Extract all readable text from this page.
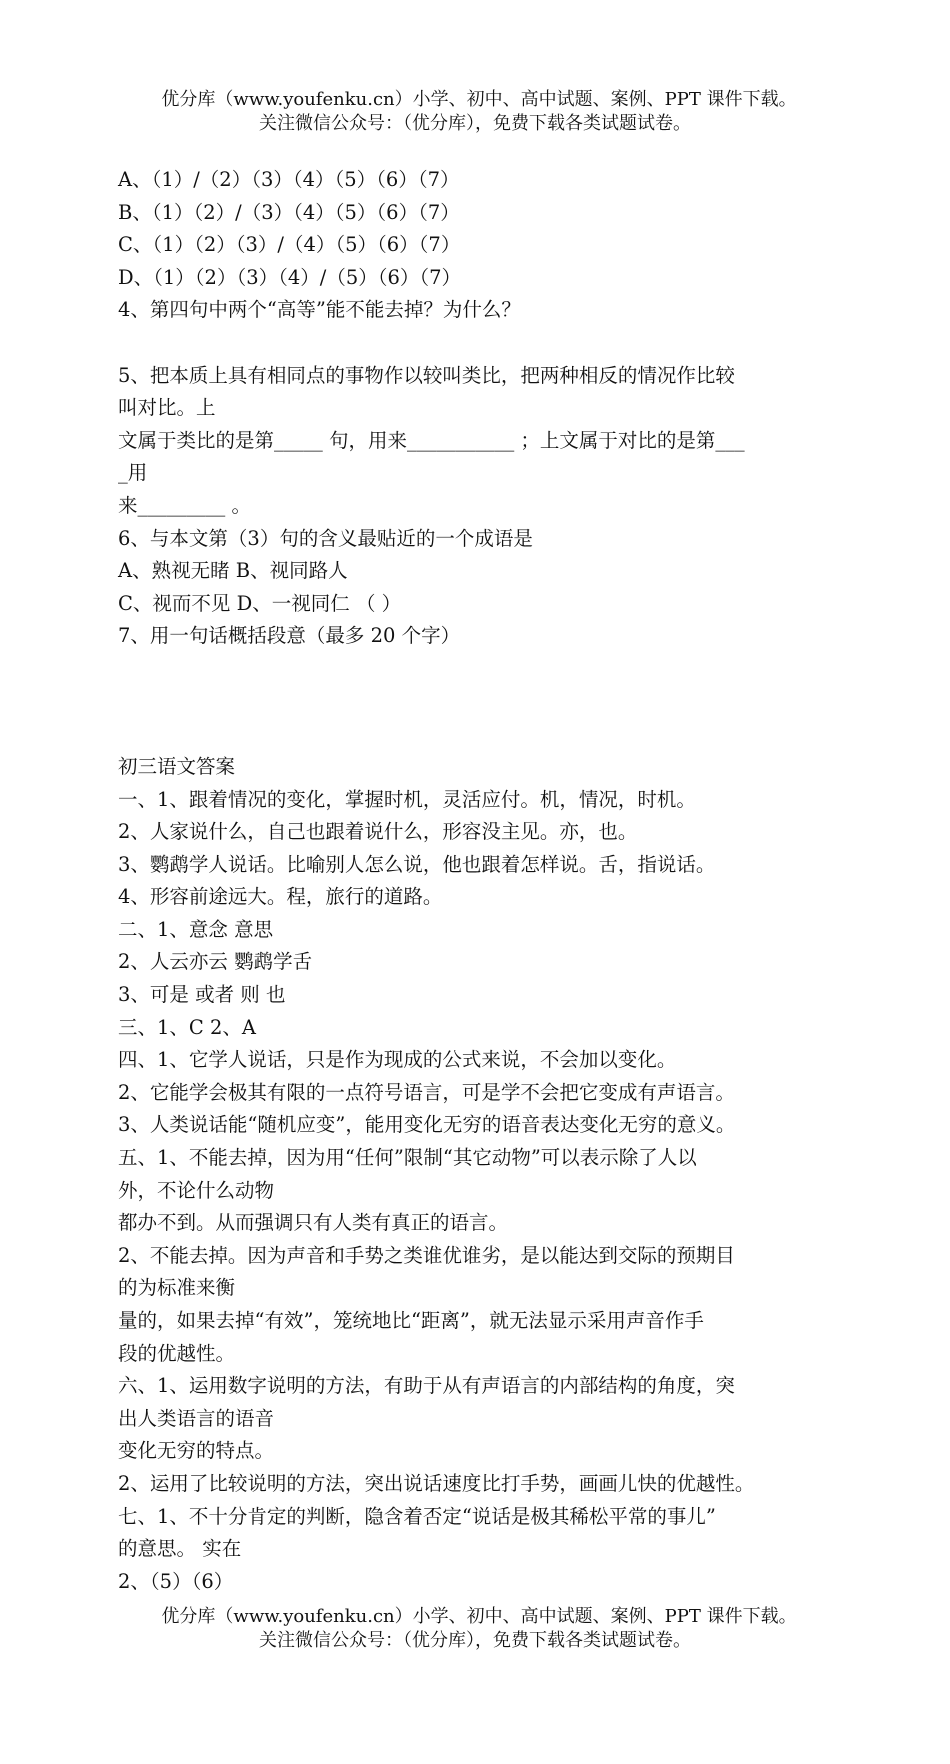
优分库（www.youfenku.cn）小学、初中、高中试题、案例、PPT 课件下载。
关注微信公众号：（优分库），免费下载各类试题试卷。
A、（1）/（2）（3）（4）（5）（6）（7）
B、（1）（2）/（3）（4）（5）（6）（7）
C、（1）（2）（3）/（4）（5）（6）（7）
D、（1）（2）（3）（4）/（5）（6）（7）
4、第四句中两个“高等”能不能去掉？为什么？
5、把本质上具有相同点的事物作以较叫类比，把两种相反的情况作比较
叫对比。上
文属于类比的是第_____ 句，用来___________ ；上文属于对比的是第___
_用
来_________ 。
6、与本文第（3）句的含义最贴近的一个成语是
A、熟视无睹 B、视同路人
C、视而不见 D、一视同仁 （ ）
7、用一句话概括段意（最多 20 个字）
初三语文答案
一、1、跟着情况的变化，掌握时机，灵活应付。机，情况，时机。
2、人家说什么，自己也跟着说什么，形容没主见。亦，也。
3、鹦鹉学人说话。比喻别人怎么说，他也跟着怎样说。舌，指说话。
4、形容前途远大。程，旅行的道路。
二、1、意念 意思
2、人云亦云 鹦鹉学舌
3、可是 或者 则 也
三、1、C 2、A
四、1、它学人说话，只是作为现成的公式来说，不会加以变化。
2、它能学会极其有限的一点符号语言，可是学不会把它变成有声语言。
3、人类说话能“随机应变”，能用变化无穷的语音表达变化无穷的意义。
五、1、不能去掉，因为用“任何”限制“其它动物”可以表示除了人以
外，不论什么动物
都办不到。从而强调只有人类有真正的语言。
2、不能去掉。因为声音和手势之类谁优谁劣，是以能达到交际的预期目
的为标准来衡
量的，如果去掉“有效”，笼统地比“距离”，就无法显示采用声音作手
段的优越性。
六、1、运用数字说明的方法，有助于从有声语言的内部结构的角度，突
出人类语言的语音
变化无穷的特点。
2、运用了比较说明的方法，突出说话速度比打手势，画画儿快的优越性。
七、1、不十分肯定的判断，隐含着否定“说话是极其稀松平常的事儿”
的意思。 实在
2、（5）（6）
优分库（www.youfenku.cn）小学、初中、高中试题、案例、PPT 课件下载。
关注微信公众号：（优分库），免费下载各类试题试卷。
